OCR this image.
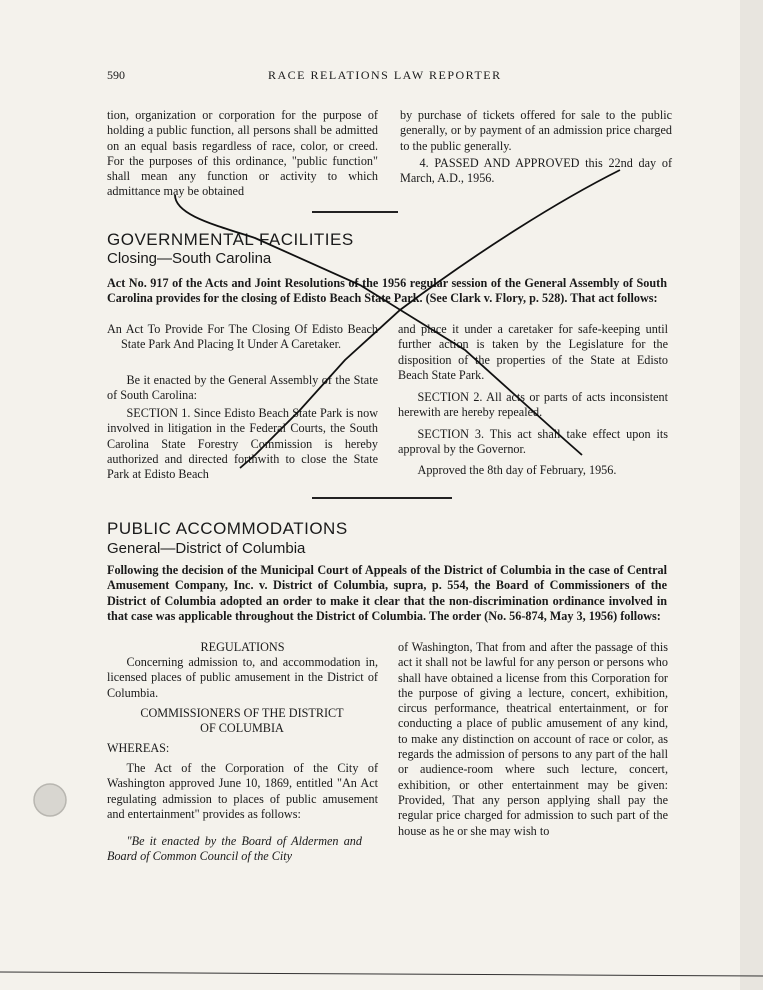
590	RACE RELATIONS LAW REPORTER

tion, organization or corporation for the purpose of holding a public function, all persons shall be admitted on an equal basis regardless of race, color, or creed. For the purposes of this ordinance, "public function" shall mean any function or activity to which admittance may be obtained

by purchase of tickets offered for sale to the public generally, or by payment of an admission price charged to the public generally.

4. PASSED AND APPROVED this 22nd day of March, A.D., 1956.

GOVERNMENTAL FACILITIES
Closing—South Carolina

Act No. 917 of the Acts and Joint Resolutions of the 1956 regular session of the General Assembly of South Carolina provides for the closing of Edisto Beach State Park. (See Clark v. Flory, p. 528). That act follows:

An Act To Provide For The Closing Of Edisto Beach State Park And Placing It Under A Caretaker.

Be it enacted by the General Assembly of the State of South Carolina:

SECTION 1. Since Edisto Beach State Park is now involved in litigation in the Federal Courts, the South Carolina State Forestry Commission is hereby authorized and directed forthwith to close the State Park at Edisto Beach

and place it under a caretaker for safe-keeping until further action is taken by the Legislature for the disposition of the properties of the State at Edisto Beach State Park.

SECTION 2. All acts or parts of acts inconsistent herewith are hereby repealed.

SECTION 3. This act shall take effect upon its approval by the Governor.

Approved the 8th day of February, 1956.

PUBLIC ACCOMMODATIONS
General—District of Columbia

Following the decision of the Municipal Court of Appeals of the District of Columbia in the case of Central Amusement Company, Inc. v. District of Columbia, supra, p. 554, the Board of Commissioners of the District of Columbia adopted an order to make it clear that the non-discrimination ordinance involved in that case was applicable throughout the District of Columbia. The order (No. 56-874, May 3, 1956) follows:

REGULATIONS

Concerning admission to, and accommodation in, licensed places of public amusement in the District of Columbia.

COMMISSIONERS OF THE DISTRICT OF COLUMBIA
WHEREAS:

The Act of the Corporation of the City of Washington approved June 10, 1869, entitled "An Act regulating admission to places of public amusement and entertainment" provides as follows:

"Be it enacted by the Board of Aldermen and Board of Common Council of the City

of Washington, That from and after the passage of this act it shall not be lawful for any person or persons who shall have obtained a license from this Corporation for the purpose of giving a lecture, concert, exhibition, circus performance, theatrical entertainment, or for conducting a place of public amusement of any kind, to make any distinction on account of race or color, as regards the admission of persons to any part of the hall or audience-room where such lecture, concert, exhibition, or other entertainment may be given: Provided, That any person applying shall pay the regular price charged for admission to such part of the house as he or she may wish to
